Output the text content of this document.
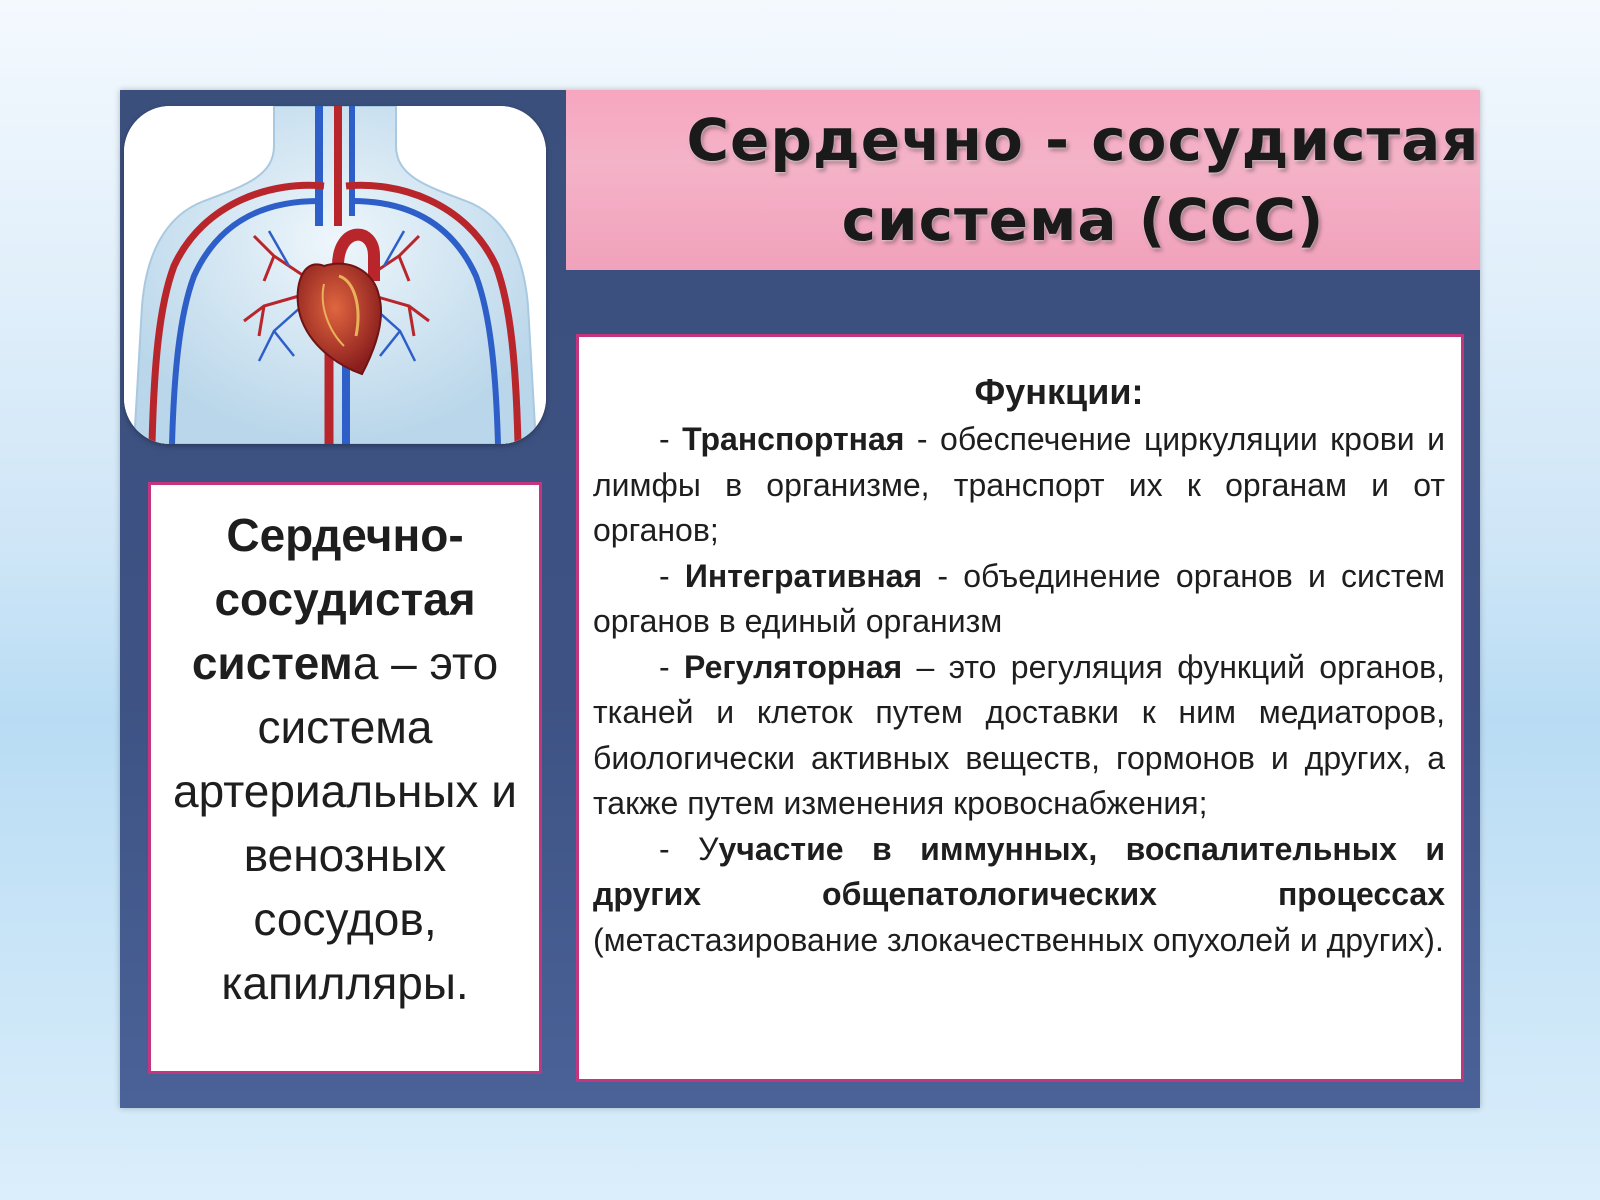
Сердечно - сосудистая система (ССС)

Сердечно-сосудистая система – это система артериальных и венозных сосудов, капилляры.

Функции:

- Транспортная - обеспечение циркуляции крови и лимфы в организме, транспорт их к органам и от органов;

- Интегративная - объединение органов и систем органов в единый организм

- Регуляторная – это регуляция функций органов, тканей и клеток путем доставки к ним медиаторов, биологически активных веществ, гормонов и других, а также путем изменения кровоснабжения;

- Уучастие в иммунных, воспалительных и других общепатологических процессах (метастазирование злокачественных опухолей и других).
